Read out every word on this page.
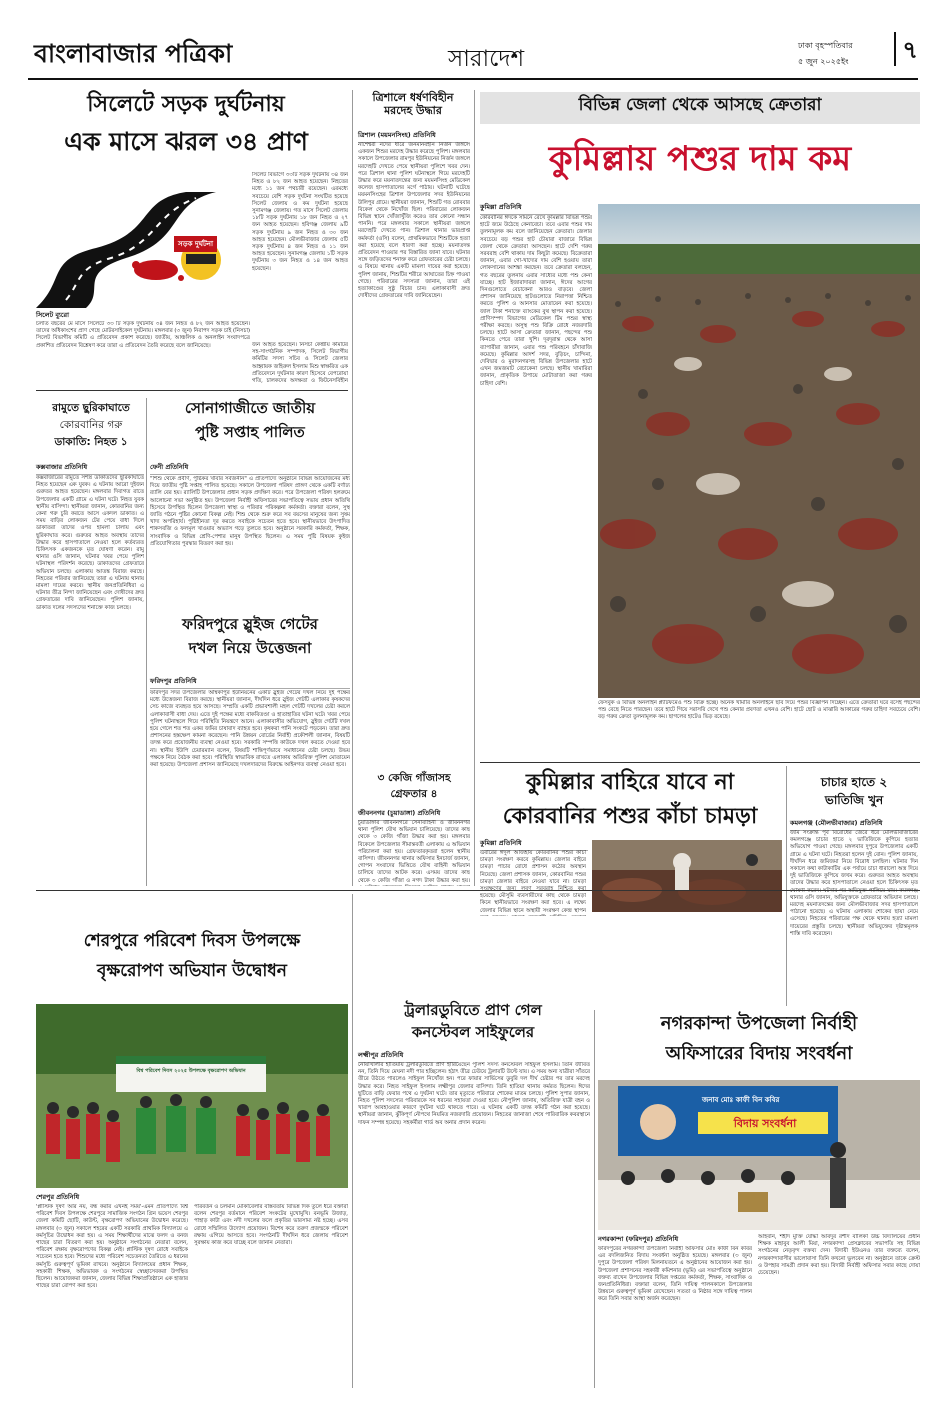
বাংলাবাজার পত্রিকা	সারাদেশ
ঢাকা বৃহস্পতিবার
৫ জুন ২০২৫ইং	৭
সিলেটে সড়ক দুর্ঘটনায়
এক মাসে ঝরল ৩৪ প্রাণ
সড়ক দুর্ঘটনা
সিলেট ব্যুরো
সিলেট বিভাগে ৩৩টি সড়ক দুর্ঘটনায় ৩৪ জন নিহত ও ৮২ জন আহত হয়েছেন। নিহতের মধ্যে ১১ জন পথচারী রয়েছেন। এরমধ্যে সবচেয়ে বেশি সড়ক দুর্ঘটনা সংঘটিত হয়েছে সিলেট জেলায় ও কম দুর্ঘটনা হয়েছে সুনামগঞ্জ জেলায়। গত মাসে সিলেট জেলায় ১৮টি সড়ক দুর্ঘটনায় ১৮ জন নিহত ও ২৭ জন আহত হয়েছেন। হবিগঞ্জ জেলায় ৯টি সড়ক দুর্ঘটনায় ৯ জন নিহত ও ৩০ জন আহত হয়েছেন। মৌলভীবাজার জেলায় ৫টি সড়ক দুর্ঘটনায় ৪ জন নিহত ও ১১ জন আহত হয়েছেন। সুনামগঞ্জ জেলায় ১টি সড়ক দুর্ঘটনায় ৩ জন নিহত ও ১৪ জন আহত হয়েছেন।
চলতি বছরের মে মাসে সিলেটে ৩৩ টি সড়ক দুর্ঘটনায় ৩৪ জন নিহত ও ৮২ জন আহত হয়েছেন। তাদের অধিকাংশের প্রাণ গেছে মোটরসাইকেল দুর্ঘটনায়। মঙ্গলবার (৩ জুন) নিরাপদ সড়ক চাই (নিসচা) সিলেট বিভাগীয় কমিটি এ প্রতিবেদন প্রকাশ করেছে। জাতীয়, আঞ্চলিক ও অনলাইন সংবাদপত্রে প্রকাশিত প্রতিবেদন বিশ্লেষণ করে তারা এ প্রতিবেদন তৈরি করেছে বলে জানিয়েছে।	জন আহত হয়েছেন। নিসচা কেন্দ্রীয় কমিটির সহ-সাংগঠনিক সম্পাদক, সিলেট বিভাগীয় কমিটির সদস্য সচিব ও সিলেট জেলার আহ্বায়ক জহিরুল ইসলাম মিশু স্বাক্ষরিত এক প্রতিবেদনে দুর্ঘটনার কারণ হিসেবে বেপরোয়া গতি, চালকদের অদক্ষতা ও ফিটনেসবিহীন
রামুতে ছুরিকাঘাতে
কোরবানির গরু
ডাকাতি: নিহত ১
কক্সবাজার প্রতিনিধি
কক্সবাজারের রামুতে সশস্ত্র ডাকাতদের ছুরিকাঘাতে নিহত হয়েছেন এক যুবক। এ ঘটনায় আরো দুইজন গুরুতর আহত হয়েছেন। মঙ্গলবার দিবাগত রাতে উপজেলার একটি গ্রামে এ ঘটনা ঘটে। নিহত যুবক স্থানীয় বাসিন্দা। স্থানীয়রা জানান, কোরবানির জন্য কেনা গরু চুরি করতে আসে একদল ডাকাত। এ সময় বাড়ির লোকজন টের পেয়ে বাধা দিলে ডাকাতরা তাদের ওপর হামলা চালায় এবং ছুরিকাঘাত করে। গুরুতর আহত অবস্থায় তাদের উদ্ধার করে হাসপাতালে নেওয়া হলে কর্তব্যরত চিকিৎসক একজনকে মৃত ঘোষণা করেন। রামু থানার ওসি জানান, ঘটনার খবর পেয়ে পুলিশ ঘটনাস্থল পরিদর্শন করেছে। ডাকাতদের গ্রেফতারে অভিযান চলছে। এলাকায় আতঙ্ক বিরাজ করছে। নিহতের পরিবার জানিয়েছে তারা এ ঘটনায় থানায় মামলা দায়ের করবে। স্থানীয় জনপ্রতিনিধিরা এ ঘটনার তীব্র নিন্দা জানিয়েছেন এবং দোষীদের দ্রুত গ্রেফতারের দাবি জানিয়েছেন। পুলিশ জানায়, ডাকাত দলের সদস্যদের শনাক্তে কাজ চলছে।
সোনাগাজীতে জাতীয়
পুষ্টি সপ্তাহ পালিত
ফেনী প্রতিনিধি
"শিশু থেকে প্রবীণ, পুষ্টিকর খাবার সর্বজনীন" এ প্রতিপাদ্যে অনুষ্ঠানে বিভিন্ন আয়োজনের মধ্য দিয়ে জাতীয় পুষ্টি সপ্তাহ পালিত হয়েছে। সকালে উপজেলা পরিষদ প্রাঙ্গণ থেকে একটি বর্ণাঢ্য র‌্যালি বের হয়। র‌্যালিটি উপজেলার প্রধান সড়ক প্রদক্ষিণ করে। পরে উপজেলা পরিষদ হলরুমে আলোচনা সভা অনুষ্ঠিত হয়। উপজেলা নির্বাহী অফিসারের সভাপতিত্বে সভায় প্রধান অতিথি হিসেবে উপস্থিত ছিলেন উপজেলা স্বাস্থ্য ও পরিবার পরিকল্পনা কর্মকর্তা। বক্তারা বলেন, সুস্থ জাতি গঠনে পুষ্টির কোনো বিকল্প নেই। শিশু থেকে শুরু করে সব বয়সের মানুষের জন্য সুষম খাদ্য অপরিহার্য। পুষ্টিহীনতা দূর করতে সবাইকে সচেতন হতে হবে। স্থানীয়ভাবে উৎপাদিত শাকসবজি ও ফলমূল খাওয়ার অভ্যাস গড়ে তুলতে হবে। অনুষ্ঠানে সরকারি কর্মকর্তা, শিক্ষক, সাংবাদিক ও বিভিন্ন শ্রেণি-পেশার মানুষ উপস্থিত ছিলেন। এ সময় পুষ্টি বিষয়ক কুইজ প্রতিযোগিতার পুরস্কার বিতরণ করা হয়।
ফরিদপুরে স্লুইজ গেটের
দখল নিয়ে উত্তেজনা
ফরিদপুর প্রতিনিধি
ফরিদপুর সদর উপজেলার অম্বিকাপুর ইউনিয়নের একটি স্লুইজ গেটের দখল নিয়ে দুই পক্ষের মধ্যে উত্তেজনা বিরাজ করছে। স্থানীয়রা জানান, দীর্ঘদিন ধরে স্লুইজ গেটটি এলাকার কৃষকদের সেচ কাজে ব্যবহৃত হয়ে আসছে। সম্প্রতি একটি প্রভাবশালী মহল গেটটি দখলের চেষ্টা করলে এলাকাবাসী বাধা দেয়। এতে দুই পক্ষের মধ্যে বাকবিতণ্ডা ও হাতাহাতির ঘটনা ঘটে। খবর পেয়ে পুলিশ ঘটনাস্থলে গিয়ে পরিস্থিতি নিয়ন্ত্রণে আনে। এলাকাবাসীর অভিযোগ, স্লুইজ গেটটি দখল হয়ে গেলে শত শত একর জমির চাষাবাদ ব্যাহত হবে। কৃষকরা পানি সংকটে পড়বেন। তারা দ্রুত প্রশাসনের হস্তক্ষেপ কামনা করেছেন। পানি উন্নয়ন বোর্ডের নির্বাহী প্রকৌশলী জানান, বিষয়টি তদন্ত করে প্রয়োজনীয় ব্যবস্থা নেওয়া হবে। সরকারি সম্পত্তি কাউকে দখল করতে দেওয়া হবে না। স্থানীয় ইউপি চেয়ারম্যান বলেন, বিষয়টি শান্তিপূর্ণভাবে সমাধানের চেষ্টা চলছে। উভয় পক্ষকে নিয়ে বৈঠক করা হবে। পরিস্থিতি স্বাভাবিক রাখতে এলাকায় অতিরিক্ত পুলিশ মোতায়েন করা হয়েছে। উপজেলা প্রশাসন জানিয়েছে দখলদারদের বিরুদ্ধে আইনগত ব্যবস্থা নেওয়া হবে।
ত্রিশালে ধর্ষণবিহীন মরদেহ উদ্ধার
ত্রিশাল (ময়মনসিংহ) প্রতিনিধি
নাশেশ্বরী নদের ধারে জনমানবহীন নির্জন জঙ্গলে একজন শিশুর মরদেহ উদ্ধার করেছে পুলিশ। মঙ্গলবার সকালে উপজেলার রামপুর ইউনিয়নের নির্জন জঙ্গলে মরদেহটি দেখতে পেয়ে স্থানীয়রা পুলিশে খবর দেন। পরে ত্রিশাল থানা পুলিশ ঘটনাস্থলে গিয়ে মরদেহটি উদ্ধার করে ময়নাতদন্তের জন্য ময়মনসিংহ মেডিকেল কলেজ হাসপাতালের মর্গে পাঠায়। ঘটনাটি ঘটেছে ময়মনসিংহের ত্রিশাল উপজেলার সদর ইউনিয়নের উলিপুর গ্রামে। স্থানীয়রা জানান, শিশুটি গত রোববার বিকেল থেকে নিখোঁজ ছিল। পরিবারের লোকজন বিভিন্ন স্থানে খোঁজাখুঁজি করেও তার কোনো সন্ধান পাননি। পরে মঙ্গলবার সকালে স্থানীয়রা জঙ্গলে মরদেহটি দেখতে পান। ত্রিশাল থানার ভারপ্রাপ্ত কর্মকর্তা (ওসি) বলেন, প্রাথমিকভাবে শিশুটিকে হত্যা করা হয়েছে বলে ধারণা করা হচ্ছে। ময়নাতদন্ত প্রতিবেদন পাওয়ার পর বিস্তারিত জানা যাবে। ঘটনার সঙ্গে জড়িতদের শনাক্ত করে গ্রেফতারের চেষ্টা চলছে। এ বিষয়ে থানায় একটি মামলা দায়ের করা হয়েছে। পুলিশ জানায়, শিশুটির শরীরে আঘাতের চিহ্ন পাওয়া গেছে। পরিবারের সদস্যরা জানান, তারা এই হত্যাকাণ্ডের সুষ্ঠু বিচার চান। এলাকাবাসী দ্রুত দোষীদের গ্রেফতারের দাবি জানিয়েছেন।
বিভিন্ন জেলা থেকে আসছে ক্রেতারা
কুমিল্লায় পশুর দাম কম
কুমিল্লা প্রতিনিধি
কোরবানির ঈদকে সামনে রেখে কুমিল্লার বিভিন্ন পশুর হাটে জমে উঠেছে কেনাবেচা। তবে এবার পশুর দাম তুলনামূলক কম বলে জানিয়েছেন ক্রেতারা। জেলার সবচেয়ে বড় পশুর হাট চৌয়ারা বাজারে বিভিন্ন জেলা থেকে ক্রেতারা আসছেন। হাটে দেশি গরুর সরবরাহ বেশি থাকায় দাম কিছুটা কমেছে। বিক্রেতারা জানান, এবার গো-খাদ্যের দাম বেশি হওয়ায় তারা লোকসানের আশঙ্কা করছেন। তবে ক্রেতারা বলছেন, গত বছরের তুলনায় এবার সাধ্যের মধ্যে পশু কেনা যাচ্ছে। হাট ইজারাদাররা জানান, ঈদের আগের দিনগুলোতে বেচাকেনা আরও বাড়বে। জেলা প্রশাসন জানিয়েছে হাটগুলোতে নিরাপত্তা নিশ্চিত করতে পুলিশ ও আনসার মোতায়েন করা হয়েছে। জাল টাকা শনাক্তে ব্যাংকের বুথ স্থাপন করা হয়েছে। প্রাণিসম্পদ বিভাগের মেডিকেল টিম পশুর স্বাস্থ্য পরীক্ষা করছে। অসুস্থ পশু বিক্রি রোধে নজরদারি চলছে। হাটে আসা ক্রেতারা জানান, পছন্দের পশু কিনতে পেরে তারা খুশি। দূরদূরান্ত থেকে আসা ব্যাপারীরা জানান, এবার পশু পরিবহনে চাঁদাবাজি কমেছে। কুমিল্লার আদর্শ সদর, বুড়িচং, চান্দিনা, দেবিদ্বার ও মুরাদনগরসহ বিভিন্ন উপজেলার হাটে এখন জমজমাট বেচাকেনা চলছে। স্থানীয় খামারিরা জানান, প্রাকৃতিক উপায়ে মোটাতাজা করা গরুর চাহিদা বেশি।
ফেসবুক ও বিভিন্ন অনলাইন প্ল্যাটফর্মেও পশু বিক্রি হচ্ছে। অনেক খামারি অনলাইনে ছবি দিয়ে পশুর বিজ্ঞাপন দিচ্ছেন। এতে ক্রেতারা ঘরে বসেই পছন্দের পশু বেছে নিতে পারছেন। তবে হাটে গিয়ে সরাসরি দেখে পশু কেনার প্রবণতা এখনও বেশি। হাটে ছোট ও মাঝারি আকারের গরুর চাহিদা সবচেয়ে বেশি। বড় গরুর ক্রেতা তুলনামূলক কম। ছাগলের হাটেও ভিড় রয়েছে।
কুমিল্লার বাহিরে যাবে না
কোরবানির পশুর কাঁচা চামড়া
কুমিল্লা প্রতিনিধি
এবারের ঈদুল আজহায় কোরবানির পশুর কাঁচা চামড়া সংরক্ষণ করবে কুমিল্লায়। জেলার বাইরে চামড়া পাচার রোধে প্রশাসন কঠোর অবস্থান নিয়েছে। জেলা প্রশাসক জানান, কোরবানির পশুর চামড়া জেলার বাইরে নেওয়া যাবে না। চামড়া হয়েছে। মৌসুমি ব্যবসায়ীদের কাছ থেকে চামড়া কিনে স্থানীয়ভাবে সংরক্ষণ করা হবে। এ লক্ষ্যে জেলার বিভিন্ন স্থানে অস্থায়ী সংরক্ষণ কেন্দ্র স্থাপন
চাচার হাতে ২
ভাতিজি খুন
কমলগঞ্জ (মৌলভীবাজার) প্রতিনিধি
জমি সংক্রান্ত পূর্ব বিরোধের জেরে ধরে মৌলভীবাজারের কমলগঞ্জে চাচার হাতে ২ ভাতিজিকে কুপিয়ে হত্যার অভিযোগ পাওয়া গেছে। মঙ্গলবার দুপুরে উপজেলার একটি গ্রামে এ ঘটনা ঘটে। নিহতরা হলেন দুই বোন। পুলিশ জানায়, দীর্ঘদিন ধরে জমিজমা নিয়ে বিরোধ চলছিল। ঘটনার দিন সকালে কথা কাটাকাটির এক পর্যায়ে চাচা ধারালো অস্ত্র দিয়ে দুই ভাতিজিকে কুপিয়ে জখম করে। গুরুতর আহত অবস্থায় তাদের উদ্ধার করে হাসপাতালে নেওয়া হলে চিকিৎসক মৃত থানার ওসি জানান, অভিযুক্তকে গ্রেফতারে অভিযান চলছে। মরদেহ ময়নাতদন্তের জন্য মৌলভীবাজার সদর হাসপাতালে পাঠানো হয়েছে। এ ঘটনায় এলাকায় শোকের ছায়া নেমে এসেছে। নিহতের পরিবারের পক্ষ থেকে থানায় হত্যা মামলা দায়েরের প্রস্তুতি চলছে। স্থানীয়রা অভিযুক্তের দৃষ্টান্তমূলক শাস্তি দাবি করেছেন।
৩ কেজি গাঁজাসহ
গ্রেফতার ৪
জীবননগর (চুয়াডাঙ্গা) প্রতিনিধি
চুয়াডাঙ্গার জীবননগরে সেনাবাহিনী ও জীবননগর থানা পুলিশ যৌথ অভিযান চালিয়েছে। তাদের কাছ থেকে ৩ কেজি গাঁজা উদ্ধার করা হয়। মঙ্গলবার বিকেলে উপজেলার সীমান্তবর্তী এলাকায় এ অভিযান পরিচালনা করা হয়। গ্রেফতারকৃতরা হলেন স্থানীয় বাসিন্দা। জীবননগর থানার অফিসার ইনচার্জ জানান, গোপন সংবাদের ভিত্তিতে যৌথ বাহিনী অভিযান চালিয়ে তাদের আটক করে। এসময় তাদের কাছ থেকে ৩ কেজি গাঁজা ও নগদ টাকা উদ্ধার করা হয়।
শেরপুরে পরিবেশ দিবস উপলক্ষে
বৃক্ষরোপণ অভিযান উদ্বোধন
বিশ্ব পরিবেশ দিবস ২০২৫ উপলক্ষে বৃক্ষরোপণ অভিযান
শেরপুর প্রতিনিধি
'প্লাস্টিক দূষণ আর নয়, বন্ধ করার এখনই সময়'-এমন প্রতিপাদ্যে বিশ্ব পরিবেশ দিবস উপলক্ষে শেরপুরে সামাজিক সংগঠন গ্রিন ভয়েস শেরপুর জেলা কমিটি ছোটি, কাউন্ট, বৃক্ষরোপণ অভিযানের উদ্বোধন করেছে। মঙ্গলবার (৩ জুন) সকালে শহরের একটি সরকারি প্রাথমিক বিদ্যালয়ে এ কর্মসূচির উদ্বোধন করা হয়। এ সময় শিক্ষার্থীদের মাঝে ফলদ ও বনজ গাছের চারা বিতরণ করা হয়। অনুষ্ঠানে সংগঠনের নেতারা বলেন, পরিবেশ রক্ষায় বৃক্ষরোপণের বিকল্প নেই। প্লাস্টিক দূষণ রোধে সবাইকে সচেতন হতে হবে। শিশুদের মধ্যে পরিবেশ সচেতনতা তৈরিতে এ ধরনের কর্মসূচি গুরুত্বপূর্ণ ভূমিকা রাখবে। অনুষ্ঠানে বিদ্যালয়ের প্রধান শিক্ষক, সহকারী শিক্ষক, অভিভাবক ও সংগঠনের স্বেচ্ছাসেবকরা উপস্থিত ছিলেন। আয়োজকরা জানান, জেলার বিভিন্ন শিক্ষাপ্রতিষ্ঠানে এক হাজার গাছের চারা রোপণ করা হবে।
পরিবর্তন ও চলমান মোকাবেলার বাস্তবতায় বিভিন্ন দিক তুলে ধরে বক্তারা বলেন শেরপুর বর্তমানে পরিবেশ সংকটের মুখোমুখি। বনভূমি উজাড়, পাহাড় কাটা এবং নদী দখলের ফলে প্রকৃতির ভারসাম্য নষ্ট হচ্ছে। এসব রোধে সম্মিলিত উদ্যোগ প্রয়োজন। বিশেষ করে তরুণ প্রজন্মকে পরিবেশ রক্ষায় এগিয়ে আসতে হবে। সংগঠনটি দীর্ঘদিন ধরে জেলায় পরিবেশ সুরক্ষায় কাজ করে যাচ্ছে বলে জানান নেতারা।
ট্রলারডুবিতে প্রাণ গেল
কনস্টেবল সাইফুলের
লক্ষ্মীপুর প্রতিনিধি
নোয়াখালীর হাতিয়ায় ট্রলারডুবিতে প্রাণ হারিয়েছেন পুলিশ সদস্য কনস্টেবল সাইফুল ইসলাম। তিনি জীবিত নন, তিনি দিয়ে মেঘনা নদী পার হচ্ছিলেন। হঠাৎ তীব্র ঢেউয়ে ট্রলারটি উল্টে যায়। এ সময় অন্য যাত্রীরা সাঁতরে তীরে উঠতে পারলেও সাইফুল নিখোঁজ হন। পরে ফায়ার সার্ভিসের ডুবুরি দল দীর্ঘ চেষ্টার পর তার মরদেহ উদ্ধার করে। নিহত সাইফুল ইসলাম লক্ষ্মীপুর জেলার বাসিন্দা। তিনি হাতিয়া থানায় কর্মরত ছিলেন। ঈদের ছুটিতে বাড়ি ফেরার পথে এ দুর্ঘটনা ঘটে। তার মৃত্যুতে পরিবারে শোকের মাতম চলছে। পুলিশ সুপার জানান, নিহত পুলিশ সদস্যের পরিবারকে সব ধরনের সহায়তা দেওয়া হবে। নৌপুলিশ জানায়, অতিরিক্ত যাত্রী বহন ও খারাপ আবহাওয়ার কারণে দুর্ঘটনা ঘটে থাকতে পারে। এ ঘটনায় একটি তদন্ত কমিটি গঠন করা হয়েছে। স্থানীয়রা জানান, ঝুঁকিপূর্ণ নৌপথে নিয়মিত নজরদারি প্রয়োজন। নিহতের জানাজা শেষে পারিবারিক কবরস্থানে দাফন সম্পন্ন হয়েছে। সহকর্মীরা গার্ড অব অনার প্রদান করেন।
নগরকান্দা উপজেলা নির্বাহী
অফিসারের বিদায় সংবর্ধনা
জনাব মোঃ কাফী বিন কবির
বিদায় সংবর্ধনা
নগরকান্দা (ফরিদপুর) প্রতিনিধি
ফরিদপুরের নগরকান্দা উপজেলা নির্বাহী অফিসার মোঃ কাফী বিন কবির এর বদলিজনিত বিদায় সংবর্ধনা অনুষ্ঠিত হয়েছে। মঙ্গলবার (৩ জুন) দুপুরে উপজেলা পরিষদ মিলনায়তনে এ অনুষ্ঠানের আয়োজন করা হয়। উপজেলা প্রশাসনের সহকারী কমিশনার (ভূমি) এর সভাপতিত্বে অনুষ্ঠানে বক্তব্য রাখেন উপজেলার বিভিন্ন দপ্তরের কর্মকর্তা, শিক্ষক, সাংবাদিক ও জনপ্রতিনিধিরা। বক্তারা বলেন, তিনি দায়িত্ব পালনকালে উপজেলার উন্নয়নে গুরুত্বপূর্ণ ভূমিকা রেখেছেন। সততা ও নিষ্ঠার সঙ্গে দায়িত্ব পালন করে তিনি সবার আস্থা অর্জন করেছেন।
আহবান, শহীদ মুক্তি যোদ্ধা আবদুর রশীদ বালিকা উচ্চ বিদ্যালয়ের প্রধান শিক্ষক মাহাবুব আলী মিয়া, নগরকান্দা প্রেসক্লাবের সভাপতি সহ বিভিন্ন সংগঠনের নেতৃবৃন্দ বক্তব্য দেন। বিদায়ী ইউএনও তার বক্তব্যে বলেন, নগরকান্দাবাসীর ভালোবাসা তিনি কখনো ভুলবেন না। অনুষ্ঠানে তাকে ক্রেস্ট ও উপহার সামগ্রী প্রদান করা হয়। বিদায়ী নির্বাহী অফিসার সবার কাছে দোয়া চেয়েছেন।
